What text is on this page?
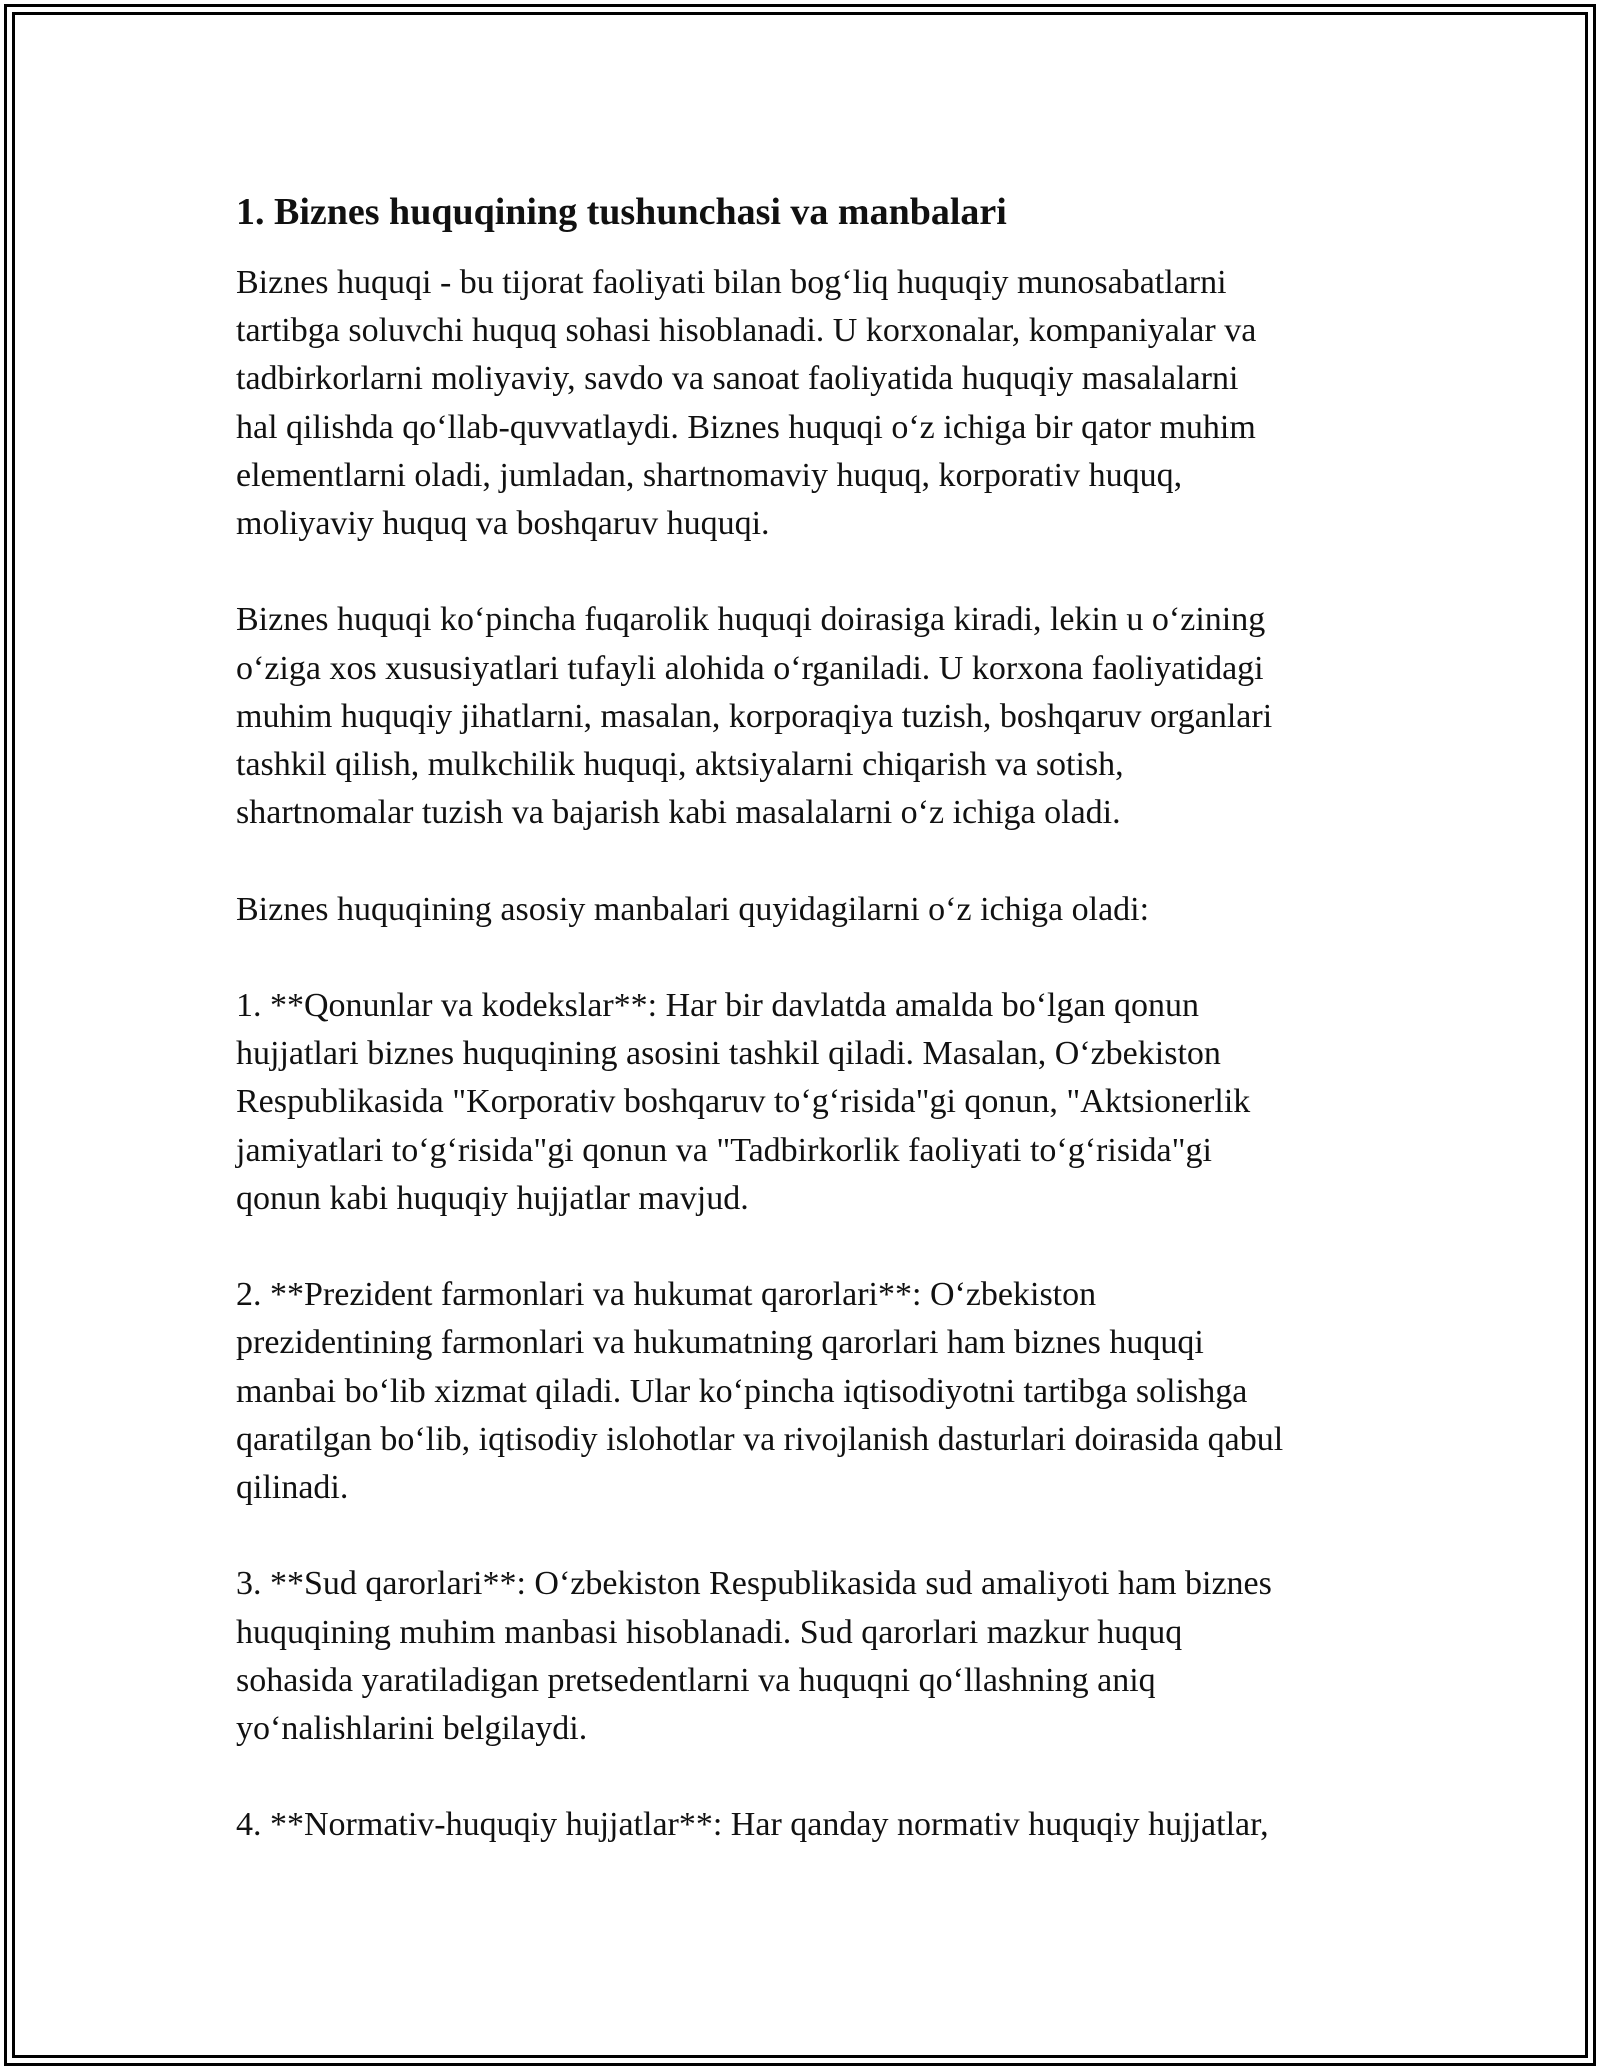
1. Biznes huquqining tushunchasi va manbalari

Biznes huquqi - bu tijorat faoliyati bilan bog‘liq huquqiy munosabatlarni
tartibga soluvchi huquq sohasi hisoblanadi. U korxonalar, kompaniyalar va
tadbirkorlarni moliyaviy, savdo va sanoat faoliyatida huquqiy masalalarni
hal qilishda qo‘llab-quvvatlaydi. Biznes huquqi o‘z ichiga bir qator muhim
elementlarni oladi, jumladan, shartnomaviy huquq, korporativ huquq,
moliyaviy huquq va boshqaruv huquqi.

Biznes huquqi ko‘pincha fuqarolik huquqi doirasiga kiradi, lekin u o‘zining
o‘ziga xos xususiyatlari tufayli alohida o‘rganiladi. U korxona faoliyatidagi
muhim huquqiy jihatlarni, masalan, korporaqiya tuzish, boshqaruv organlari
tashkil qilish, mulkchilik huquqi, aktsiyalarni chiqarish va sotish,
shartnomalar tuzish va bajarish kabi masalalarni o‘z ichiga oladi.

Biznes huquqining asosiy manbalari quyidagilarni o‘z ichiga oladi:

1. **Qonunlar va kodekslar**: Har bir davlatda amalda bo‘lgan qonun
hujjatlari biznes huquqining asosini tashkil qiladi. Masalan, O‘zbekiston
Respublikasida "Korporativ boshqaruv to‘g‘risida"gi qonun, "Aktsionerlik
jamiyatlari to‘g‘risida"gi qonun va "Tadbirkorlik faoliyati to‘g‘risida"gi
qonun kabi huquqiy hujjatlar mavjud.

2. **Prezident farmonlari va hukumat qarorlari**: O‘zbekiston
prezidentining farmonlari va hukumatning qarorlari ham biznes huquqi
manbai bo‘lib xizmat qiladi. Ular ko‘pincha iqtisodiyotni tartibga solishga
qaratilgan bo‘lib, iqtisodiy islohotlar va rivojlanish dasturlari doirasida qabul
qilinadi.

3. **Sud qarorlari**: O‘zbekiston Respublikasida sud amaliyoti ham biznes
huquqining muhim manbasi hisoblanadi. Sud qarorlari mazkur huquq
sohasida yaratiladigan pretsedentlarni va huquqni qo‘llashning aniq
yo‘nalishlarini belgilaydi.

4. **Normativ-huquqiy hujjatlar**: Har qanday normativ huquqiy hujjatlar,
